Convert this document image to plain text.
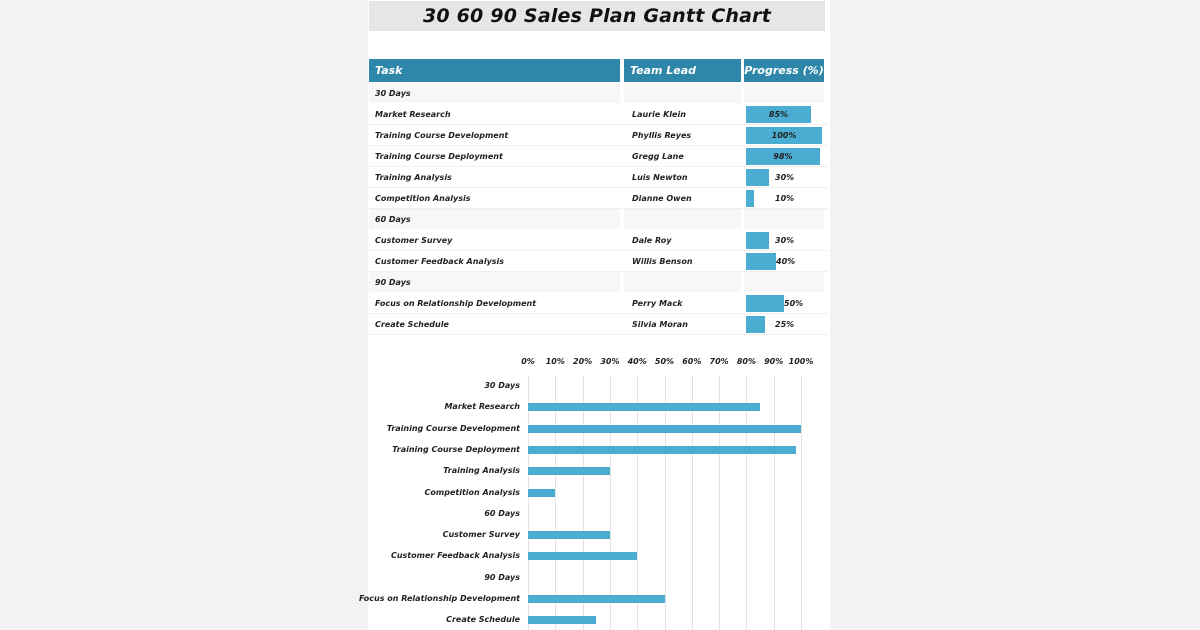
30 60 90 Sales Plan Gantt Chart
Task	Team Lead	Progress (%)
30 Days
Market Research	Laurie Klein	85%
Training Course Development	Phyllis Reyes	100%
Training Course Deployment	Gregg Lane	98%
Training Analysis	Luis Newton	30%
Competition Analysis	Dianne Owen	10%
60 Days
Customer Survey	Dale Roy	30%
Customer Feedback Analysis	Willis Benson	40%
90 Days
Focus on Relationship Development	Perry Mack	50%
Create Schedule	Silvia Moran	25%
0% 10% 20% 30% 40% 50% 60% 70% 80% 90% 100%
30 Days
Market Research
Training Course Development
Training Course Deployment
Training Analysis
Competition Analysis
60 Days
Customer Survey
Customer Feedback Analysis
90 Days
Focus on Relationship Development
Create Schedule
